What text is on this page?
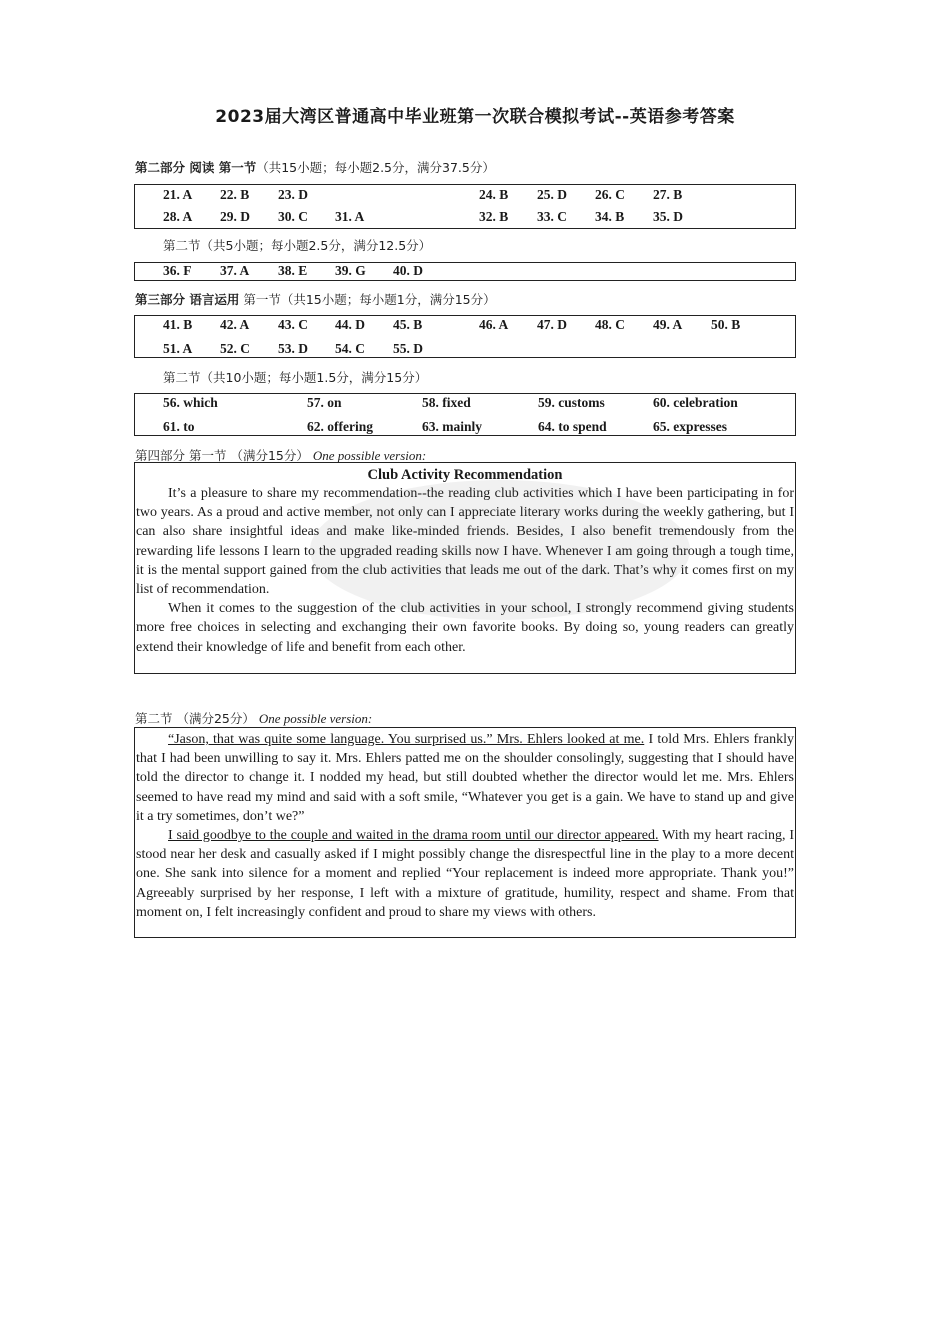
2023届大湾区普通高中毕业班第一次联合模拟考试--英语参考答案
第二部分 阅读 第一节（共15小题；每小题2.5分，满分37.5分）
21. A 22. B 23. D	24. B 25. D 26. C 27. B
28. A 29. D 30. C 31. A	32. B 33. C 34. B 35. D
第二节（共5小题；每小题2.5分，满分12.5分）
36. F 37. A 38. E 39. G 40. D
第三部分 语言运用 第一节（共15小题；每小题1分，满分15分）
41. B 42. A 43. C 44. D 45. B	46. A 47. D 48. C 49. A 50. B
51. A 52. C 53. D 54. C 55. D
第二节（共10小题；每小题1.5分，满分15分）
56. which	57. on	58. fixed	59. customs	60. celebration
61. to	62. offering	63. mainly	64. to spend	65. expresses
第四部分 第一节 （满分15分） One possible version:
Club Activity Recommendation

It’s a pleasure to share my recommendation--the reading club activities which I have been participating in for two years. As a proud and active member, not only can I appreciate literary works during the weekly gathering, but I can also share insightful ideas and make like-minded friends. Besides, I also benefit tremendously from the rewarding life lessons I learn to the upgraded reading skills now I have. Whenever I am going through a tough time, it is the mental support gained from the club activities that leads me out of the dark. That’s why it comes first on my list of recommendation.

When it comes to the suggestion of the club activities in your school, I strongly recommend giving students more free choices in selecting and exchanging their own favorite books. By doing so, young readers can greatly extend their knowledge of life and benefit from each other.

第二节 （满分25分） One possible version:

“Jason, that was quite some language. You surprised us.” Mrs. Ehlers looked at me. I told Mrs. Ehlers frankly that I had been unwilling to say it. Mrs. Ehlers patted me on the shoulder consolingly, suggesting that I should have told the director to change it. I nodded my head, but still doubted whether the director would let me. Mrs. Ehlers seemed to have read my mind and said with a soft smile, “Whatever you get is a gain. We have to stand up and give it a try sometimes, don’t we?”

I said goodbye to the couple and waited in the drama room until our director appeared. With my heart racing, I stood near her desk and casually asked if I might possibly change the disrespectful line in the play to a more decent one. She sank into silence for a moment and replied “Your replacement is indeed more appropriate. Thank you!” Agreeably surprised by her response, I left with a mixture of gratitude, humility, respect and shame. From that moment on, I felt increasingly confident and proud to share my views with others.
